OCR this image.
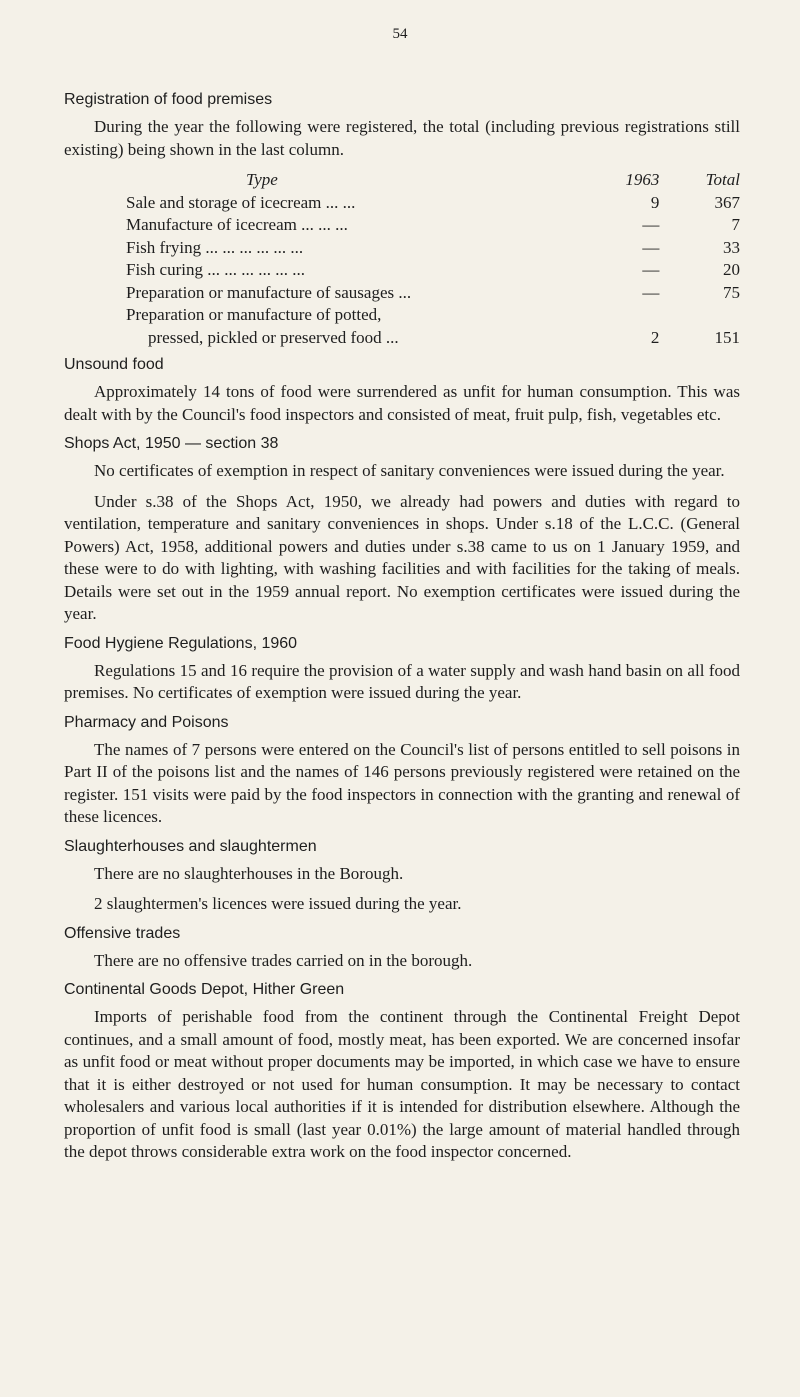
54
Registration of food premises

During the year the following were registered, the total (including previous registrations still existing) being shown in the last column.

Type	1963	Total
Sale and storage of icecream ... ...	9	367
Manufacture of icecream ... ... ...	—	7
Fish frying ... ... ... ... ... ...	—	33
Fish curing ... ... ... ... ... ...	—	20
Preparation or manufacture of sausages ...	—	75

Preparation or manufacture of potted,
pressed, pickled or preserved food ...	2	151
Unsound food

Approximately 14 tons of food were surrendered as unfit for human consumption. This was dealt with by the Council's food inspectors and consisted of meat, fruit pulp, fish, vegetables etc.

Shops Act, 1950 — section 38

No certificates of exemption in respect of sanitary conveniences were issued during the year.

Under s.38 of the Shops Act, 1950, we already had powers and duties with regard to ventilation, temperature and sanitary conveniences in shops. Under s.18 of the L.C.C. (General Powers) Act, 1958, additional powers and duties under s.38 came to us on 1 January 1959, and these were to do with lighting, with washing facilities and with facilities for the taking of meals. Details were set out in the 1959 annual report. No exemption certificates were issued during the year.

Food Hygiene Regulations, 1960

Regulations 15 and 16 require the provision of a water supply and wash hand basin on all food premises. No certificates of exemption were issued during the year.

Pharmacy and Poisons

The names of 7 persons were entered on the Council's list of persons entitled to sell poisons in Part II of the poisons list and the names of 146 persons previously registered were retained on the register. 151 visits were paid by the food inspectors in connection with the granting and renewal of these licences.

Slaughterhouses and slaughtermen

There are no slaughterhouses in the Borough.

2 slaughtermen's licences were issued during the year.

Offensive trades

There are no offensive trades carried on in the borough.

Continental Goods Depot, Hither Green

Imports of perishable food from the continent through the Continental Freight Depot continues, and a small amount of food, mostly meat, has been exported. We are concerned insofar as unfit food or meat without proper documents may be imported, in which case we have to ensure that it is either destroyed or not used for human consumption. It may be necessary to contact wholesalers and various local authorities if it is intended for distribution elsewhere. Although the proportion of unfit food is small (last year 0.01%) the large amount of material handled through the depot throws considerable extra work on the food inspector concerned.
